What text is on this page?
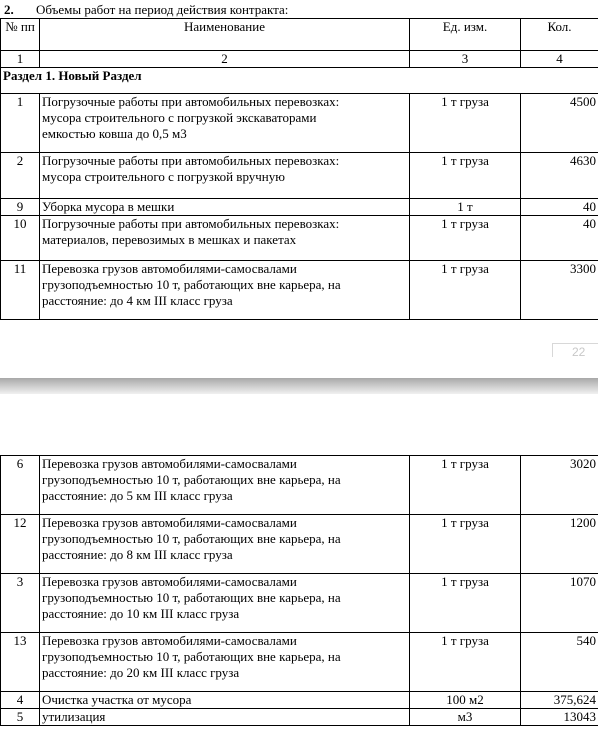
2. Объемы работ на период действия контракта:
№ пп	Наименование	Ед. изм.	Кол.
1	2	3	4
Раздел 1. Новый Раздел			
1	Погрузочные работы при автомобильных перевозках:
мусора строительного с погрузкой экскаваторами
емкостью ковша до 0,5 м3	1 т груза	4500
2	Погрузочные работы при автомобильных перевозках:
мусора строительного с погрузкой вручную	1 т груза	4630
9	Уборка мусора в мешки	1 т	40
10	Погрузочные работы при автомобильных перевозках:
материалов, перевозимых в мешках и пакетах	1 т груза	40
11	Перевозка грузов автомобилями-самосвалами
грузоподъемностью 10 т, работающих вне карьера, на
расстояние: до 4 км III класс груза	1 т груза	3300
22
6	Перевозка грузов автомобилями-самосвалами
грузоподъемностью 10 т, работающих вне карьера, на
расстояние: до 5 км III класс груза	1 т груза	3020
12	Перевозка грузов автомобилями-самосвалами
грузоподъемностью 10 т, работающих вне карьера, на
расстояние: до 8 км III класс груза	1 т груза	1200
3	Перевозка грузов автомобилями-самосвалами
грузоподъемностью 10 т, работающих вне карьера, на
расстояние: до 10 км III класс груза	1 т груза	1070
13	Перевозка грузов автомобилями-самосвалами
грузоподъемностью 10 т, работающих вне карьера, на
расстояние: до 20 км III класс груза	1 т груза	540
4	Очистка участка от мусора	100 м2	375,624
5	утилизация	м3	13043
